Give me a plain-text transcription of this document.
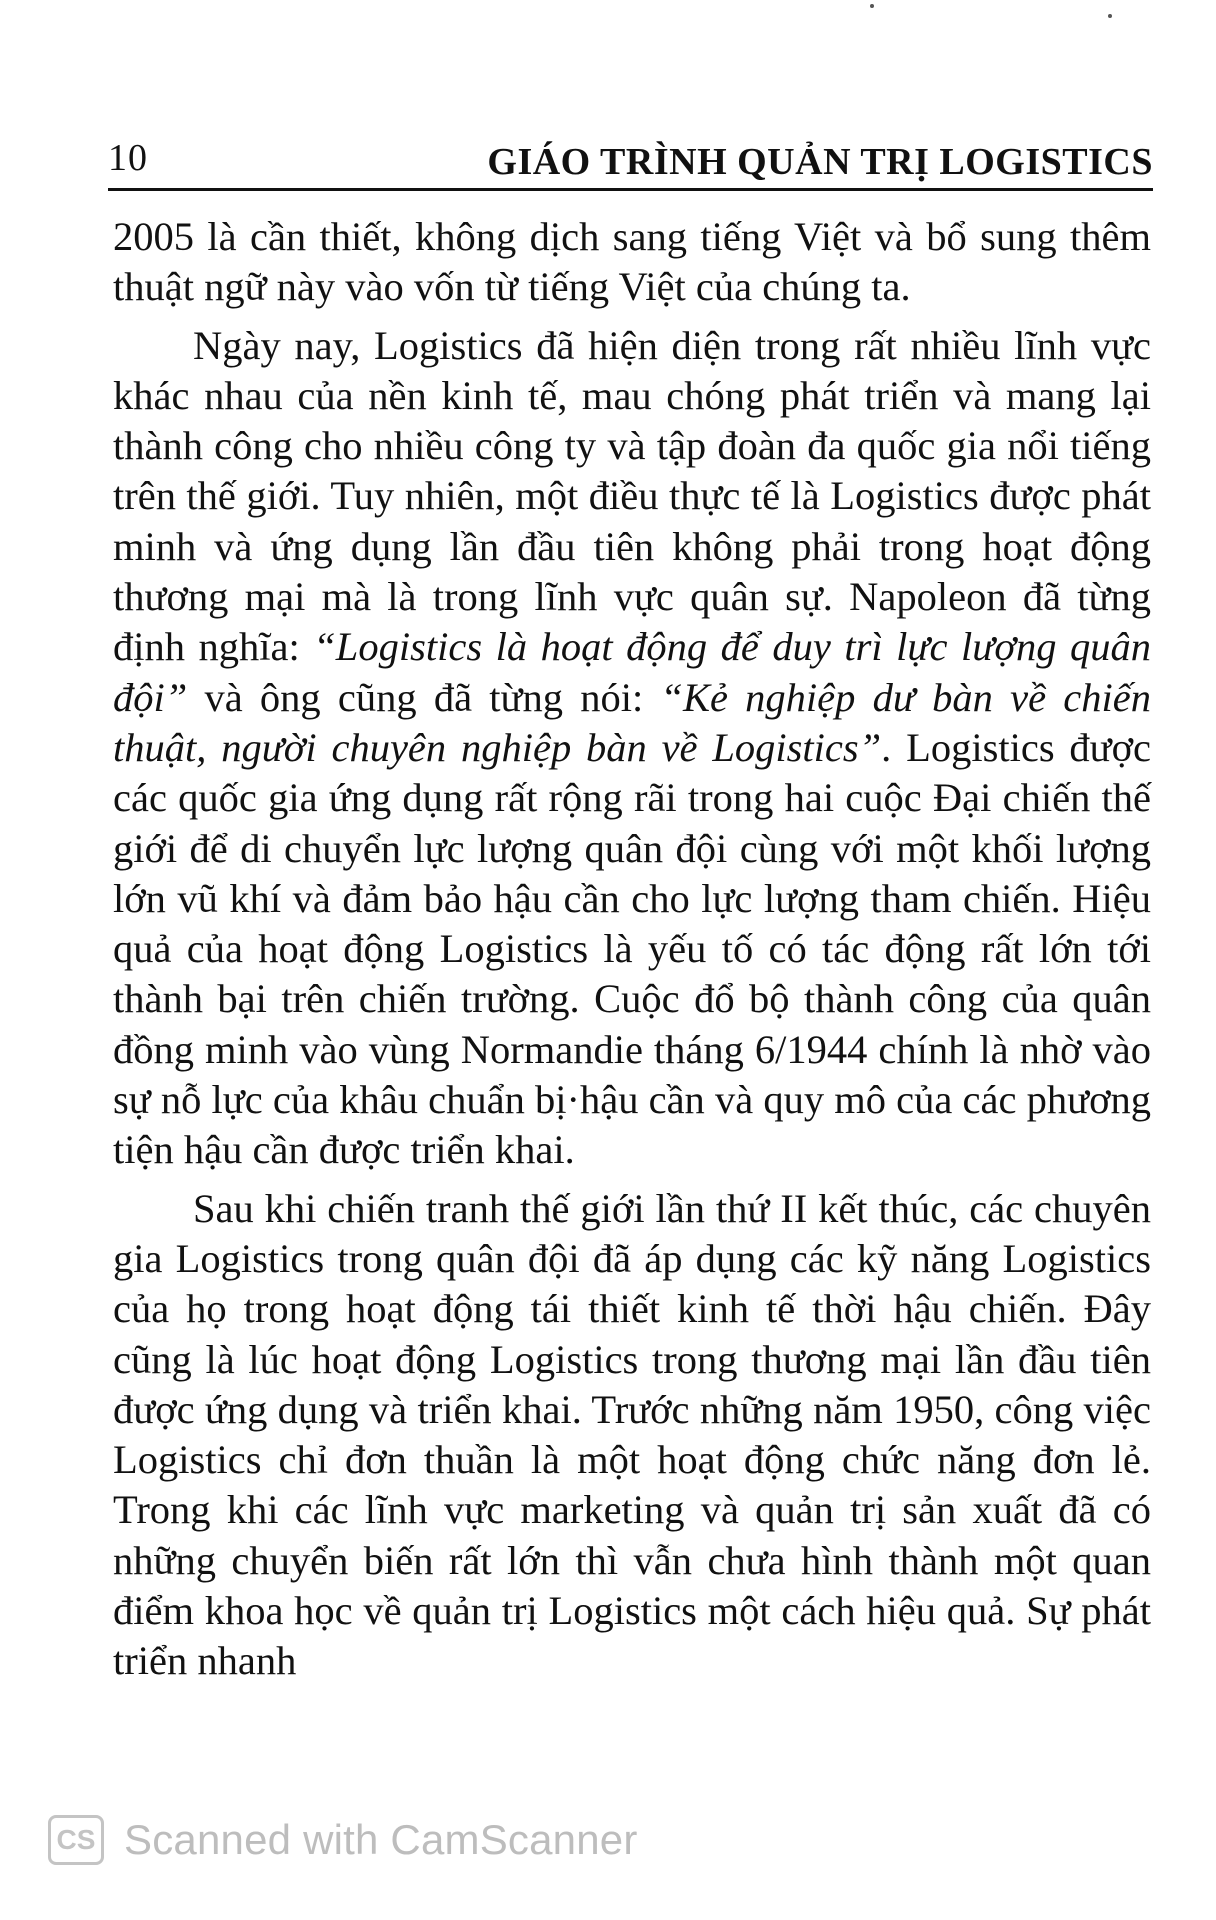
10	GIÁO TRÌNH QUẢN TRỊ LOGISTICS

2005 là cần thiết, không dịch sang tiếng Việt và bổ sung thêm thuật ngữ này vào vốn từ tiếng Việt của chúng ta.

Ngày nay, Logistics đã hiện diện trong rất nhiều lĩnh vực khác nhau của nền kinh tế, mau chóng phát triển và mang lại thành công cho nhiều công ty và tập đoàn đa quốc gia nổi tiếng trên thế giới. Tuy nhiên, một điều thực tế là Logistics được phát minh và ứng dụng lần đầu tiên không phải trong hoạt động thương mại mà là trong lĩnh vực quân sự. Napoleon đã từng định nghĩa: “Logistics là hoạt động để duy trì lực lượng quân đội” và ông cũng đã từng nói: “Kẻ nghiệp dư bàn về chiến thuật, người chuyên nghiệp bàn về Logistics”. Logistics được các quốc gia ứng dụng rất rộng rãi trong hai cuộc Đại chiến thế giới để di chuyển lực lượng quân đội cùng với một khối lượng lớn vũ khí và đảm bảo hậu cần cho lực lượng tham chiến. Hiệu quả của hoạt động Logistics là yếu tố có tác động rất lớn tới thành bại trên chiến trường. Cuộc đổ bộ thành công của quân đồng minh vào vùng Normandie tháng 6/1944 chính là nhờ vào sự nỗ lực của khâu chuẩn bị·hậu cần và quy mô của các phương tiện hậu cần được triển khai.

Sau khi chiến tranh thế giới lần thứ II kết thúc, các chuyên gia Logistics trong quân đội đã áp dụng các kỹ năng Logistics của họ trong hoạt động tái thiết kinh tế thời hậu chiến. Đây cũng là lúc hoạt động Logistics trong thương mại lần đầu tiên được ứng dụng và triển khai. Trước những năm 1950, công việc Logistics chỉ đơn thuần là một hoạt động chức năng đơn lẻ. Trong khi các lĩnh vực marketing và quản trị sản xuất đã có những chuyển biến rất lớn thì vẫn chưa hình thành một quan điểm khoa học về quản trị Logistics một cách hiệu quả. Sự phát triển nhanh

CS Scanned with CamScanner
